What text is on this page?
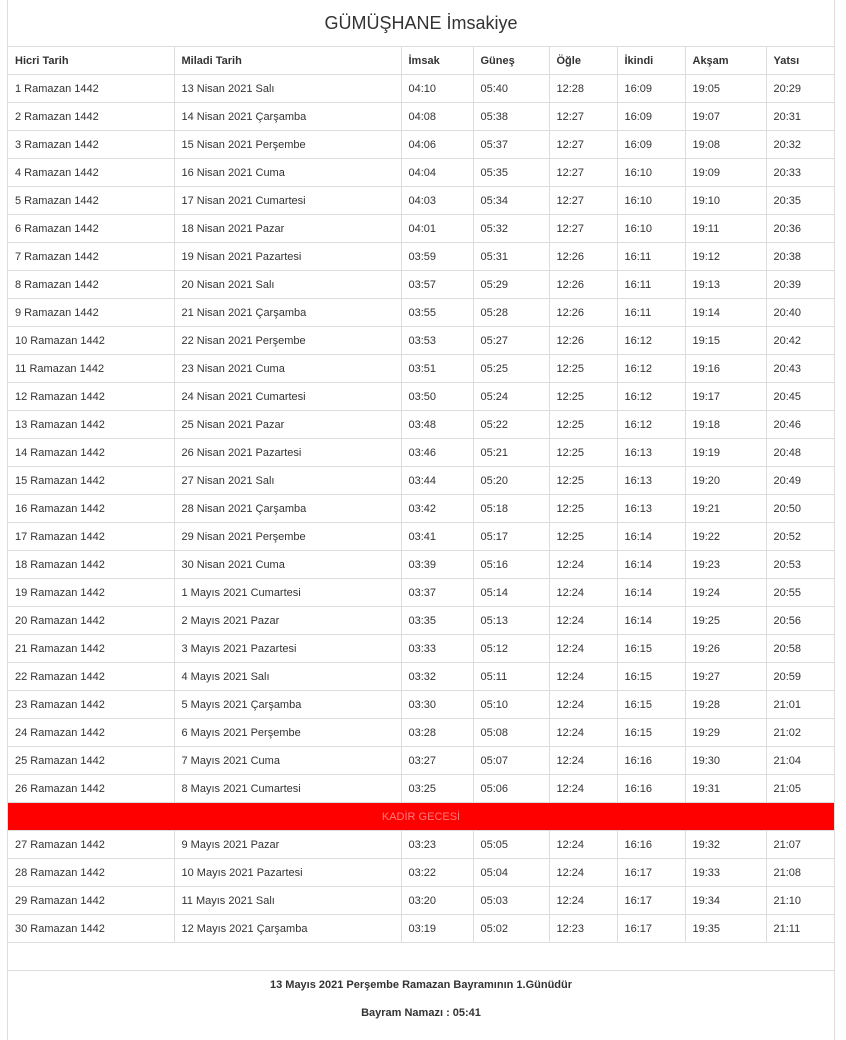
GÜMÜŞHANE İmsakiye
Hicri Tarih	Miladi Tarih	İmsak	Güneş	Öğle	İkindi	Akşam	Yatsı
1 Ramazan 1442	13 Nisan 2021 Salı	04:10	05:40	12:28	16:09	19:05	20:29
2 Ramazan 1442	14 Nisan 2021 Çarşamba	04:08	05:38	12:27	16:09	19:07	20:31
3 Ramazan 1442	15 Nisan 2021 Perşembe	04:06	05:37	12:27	16:09	19:08	20:32
4 Ramazan 1442	16 Nisan 2021 Cuma	04:04	05:35	12:27	16:10	19:09	20:33
5 Ramazan 1442	17 Nisan 2021 Cumartesi	04:03	05:34	12:27	16:10	19:10	20:35
6 Ramazan 1442	18 Nisan 2021 Pazar	04:01	05:32	12:27	16:10	19:11	20:36
7 Ramazan 1442	19 Nisan 2021 Pazartesi	03:59	05:31	12:26	16:11	19:12	20:38
8 Ramazan 1442	20 Nisan 2021 Salı	03:57	05:29	12:26	16:11	19:13	20:39
9 Ramazan 1442	21 Nisan 2021 Çarşamba	03:55	05:28	12:26	16:11	19:14	20:40
10 Ramazan 1442	22 Nisan 2021 Perşembe	03:53	05:27	12:26	16:12	19:15	20:42
11 Ramazan 1442	23 Nisan 2021 Cuma	03:51	05:25	12:25	16:12	19:16	20:43
12 Ramazan 1442	24 Nisan 2021 Cumartesi	03:50	05:24	12:25	16:12	19:17	20:45
13 Ramazan 1442	25 Nisan 2021 Pazar	03:48	05:22	12:25	16:12	19:18	20:46
14 Ramazan 1442	26 Nisan 2021 Pazartesi	03:46	05:21	12:25	16:13	19:19	20:48
15 Ramazan 1442	27 Nisan 2021 Salı	03:44	05:20	12:25	16:13	19:20	20:49
16 Ramazan 1442	28 Nisan 2021 Çarşamba	03:42	05:18	12:25	16:13	19:21	20:50
17 Ramazan 1442	29 Nisan 2021 Perşembe	03:41	05:17	12:25	16:14	19:22	20:52
18 Ramazan 1442	30 Nisan 2021 Cuma	03:39	05:16	12:24	16:14	19:23	20:53
19 Ramazan 1442	1 Mayıs 2021 Cumartesi	03:37	05:14	12:24	16:14	19:24	20:55
20 Ramazan 1442	2 Mayıs 2021 Pazar	03:35	05:13	12:24	16:14	19:25	20:56
21 Ramazan 1442	3 Mayıs 2021 Pazartesi	03:33	05:12	12:24	16:15	19:26	20:58
22 Ramazan 1442	4 Mayıs 2021 Salı	03:32	05:11	12:24	16:15	19:27	20:59
23 Ramazan 1442	5 Mayıs 2021 Çarşamba	03:30	05:10	12:24	16:15	19:28	21:01
24 Ramazan 1442	6 Mayıs 2021 Perşembe	03:28	05:08	12:24	16:15	19:29	21:02
25 Ramazan 1442	7 Mayıs 2021 Cuma	03:27	05:07	12:24	16:16	19:30	21:04
26 Ramazan 1442	8 Mayıs 2021 Cumartesi	03:25	05:06	12:24	16:16	19:31	21:05
KADİR GECESİ							
27 Ramazan 1442	9 Mayıs 2021 Pazar	03:23	05:05	12:24	16:16	19:32	21:07
28 Ramazan 1442	10 Mayıs 2021 Pazartesi	03:22	05:04	12:24	16:17	19:33	21:08
29 Ramazan 1442	11 Mayıs 2021 Salı	03:20	05:03	12:24	16:17	19:34	21:10
30 Ramazan 1442	12 Mayıs 2021 Çarşamba	03:19	05:02	12:23	16:17	19:35	21:11
13 Mayıs 2021 Perşembe Ramazan Bayramının 1.Günüdür
Bayram Namazı : 05:41
